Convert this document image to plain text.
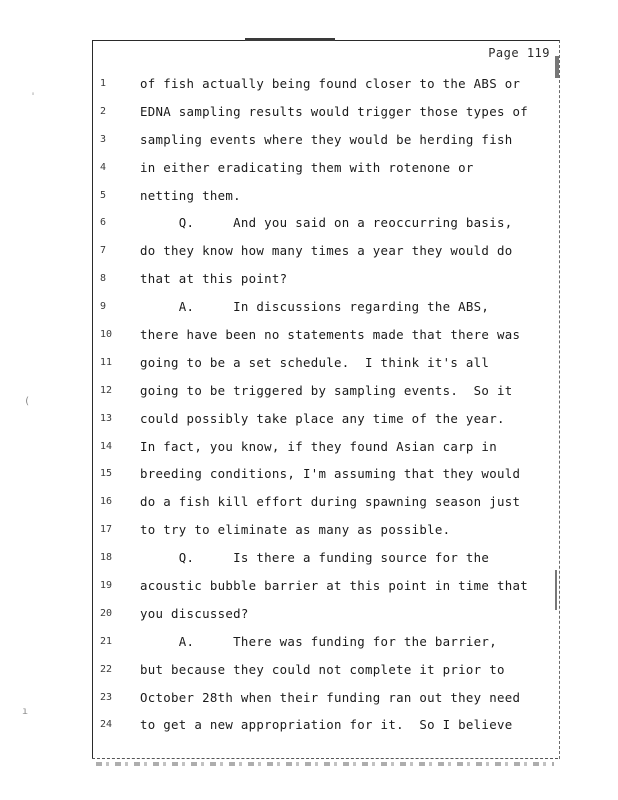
ˈ
(
ı
Page 119
1	of fish actually being found closer to the ABS or
2	EDNA sampling results would trigger those types of
3	sampling events where they would be herding fish
4	in either eradicating them with rotenone or
5	netting them.
6	Q.     And you said on a reoccurring basis,
7	do they know how many times a year they would do
8	that at this point?
9	A.     In discussions regarding the ABS,
10	there have been no statements made that there was
11	going to be a set schedule.  I think it's all
12	going to be triggered by sampling events.  So it
13	could possibly take place any time of the year.
14	In fact, you know, if they found Asian carp in
15	breeding conditions, I'm assuming that they would
16	do a fish kill effort during spawning season just
17	to try to eliminate as many as possible.
18	Q.     Is there a funding source for the
19	acoustic bubble barrier at this point in time that
20	you discussed?
21	A.     There was funding for the barrier,
22	but because they could not complete it prior to
23	October 28th when their funding ran out they need
24	to get a new appropriation for it.  So I believe
